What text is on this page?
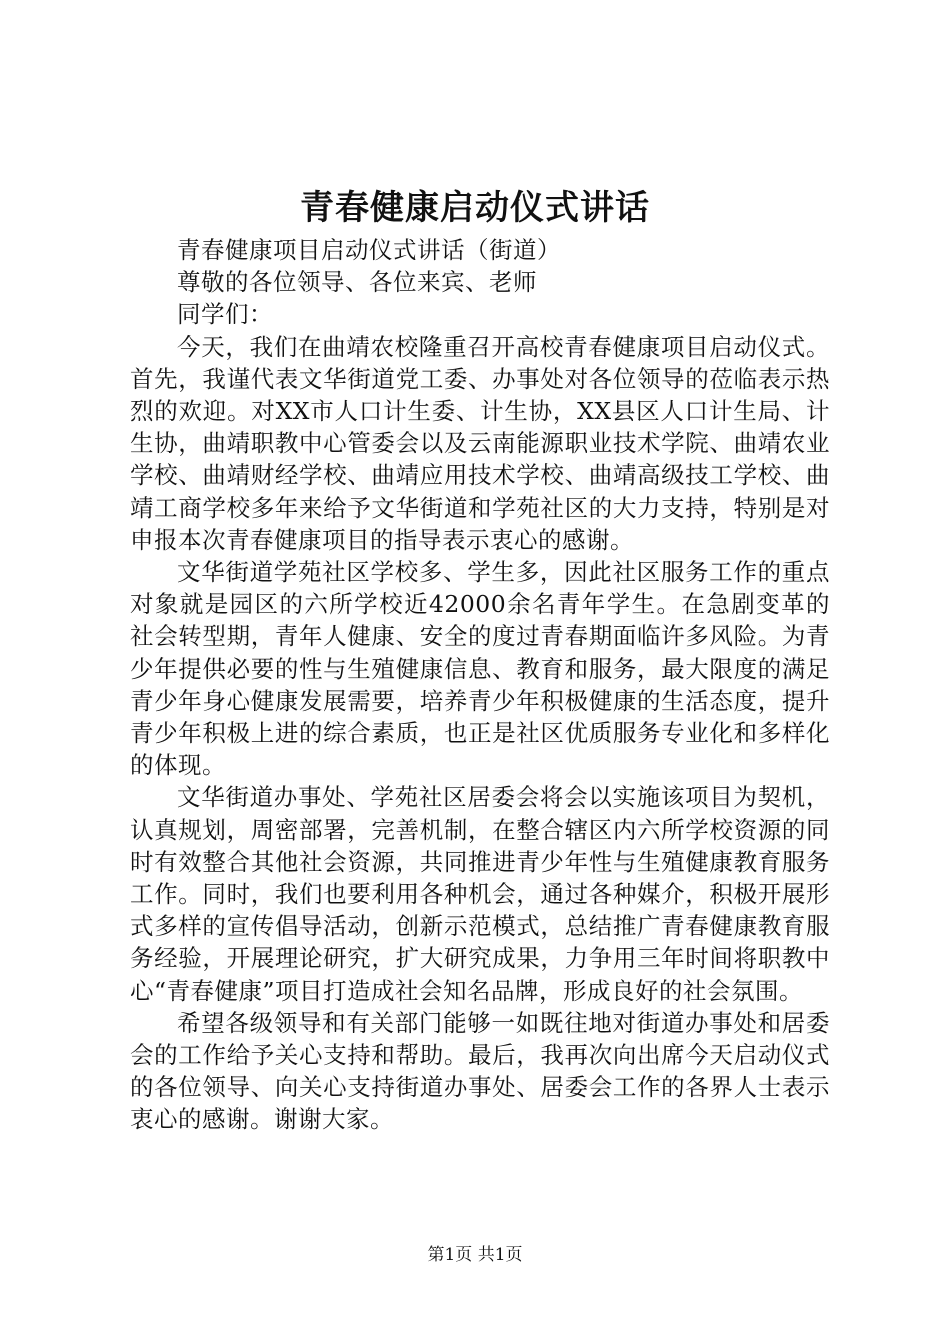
青春健康启动仪式讲话

青春健康项目启动仪式讲话（街道）

尊敬的各位领导、各位来宾、老师

同学们：

今天，我们在曲靖农校隆重召开高校青春健康项目启动仪式。首先，我谨代表文华街道党工委、办事处对各位领导的莅临表示热烈的欢迎。对XX市人口计生委、计生协，XX县区人口计生局、计生协，曲靖职教中心管委会以及云南能源职业技术学院、曲靖农业学校、曲靖财经学校、曲靖应用技术学校、曲靖高级技工学校、曲靖工商学校多年来给予文华街道和学苑社区的大力支持，特别是对申报本次青春健康项目的指导表示衷心的感谢。

文华街道学苑社区学校多、学生多，因此社区服务工作的重点对象就是园区的六所学校近42000余名青年学生。在急剧变革的社会转型期，青年人健康、安全的度过青春期面临许多风险。为青少年提供必要的性与生殖健康信息、教育和服务，最大限度的满足青少年身心健康发展需要，培养青少年积极健康的生活态度，提升青少年积极上进的综合素质，也正是社区优质服务专业化和多样化的体现。

文华街道办事处、学苑社区居委会将会以实施该项目为契机，认真规划，周密部署，完善机制，在整合辖区内六所学校资源的同时有效整合其他社会资源，共同推进青少年性与生殖健康教育服务工作。同时，我们也要利用各种机会，通过各种媒介，积极开展形式多样的宣传倡导活动，创新示范模式，总结推广青春健康教育服务经验，开展理论研究，扩大研究成果，力争用三年时间将职教中心“青春健康”项目打造成社会知名品牌，形成良好的社会氛围。

希望各级领导和有关部门能够一如既往地对街道办事处和居委会的工作给予关心支持和帮助。最后，我再次向出席今天启动仪式的各位领导、向关心支持街道办事处、居委会工作的各界人士表示衷心的感谢。谢谢大家。

第1页 共1页
